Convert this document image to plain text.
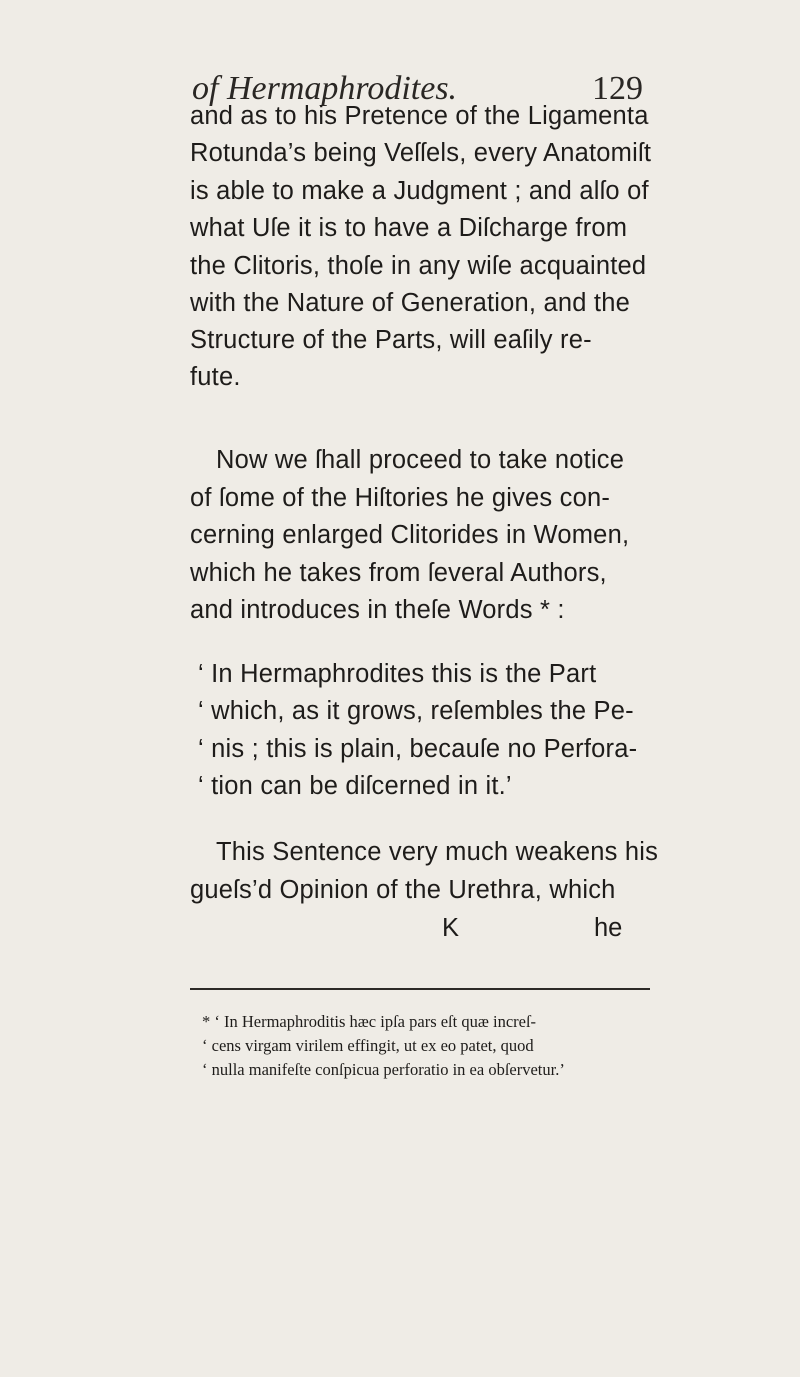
of Hermaphrodites.	129
and as to his Pretence of the Ligamenta
Rotunda’s being Veſſels, every Anatomiſt
is able to make a Judgment ; and alſo of
what Uſe it is to have a Diſcharge from
the Clitoris, thoſe in any wiſe acquainted
with the Nature of Generation, and the
Structure of the Parts, will eaſily re-
fute.
Now we ſhall proceed to take notice
of ſome of the Hiſtories he gives con-
cerning enlarged Clitorides in Women,
which he takes from ſeveral Authors,
and introduces in theſe Words * :
‘ In Hermaphrodites this is the Part
‘ which, as it grows, reſembles the Pe-
‘ nis ; this is plain, becauſe no Perfora-
‘ tion can be diſcerned in it.’
This Sentence very much weakens his
gueſs’d Opinion of the Urethra, which
K	he
* ‘ In Hermaphroditis hæc ipſa pars eſt quæ increſ-
‘ cens virgam virilem effingit, ut ex eo patet, quod
‘ nulla manifeſte conſpicua perforatio in ea obſervetur.’
